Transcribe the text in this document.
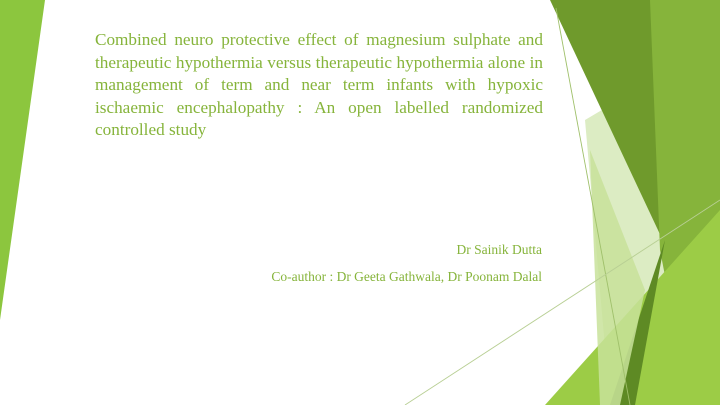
Combined neuro protective effect of magnesium sulphate and therapeutic hypothermia versus therapeutic hypothermia alone in management of term and near term infants with hypoxic ischaemic encephalopathy : An open labelled randomized controlled study

Dr Sainik Dutta

Co-author : Dr Geeta Gathwala, Dr Poonam Dalal
